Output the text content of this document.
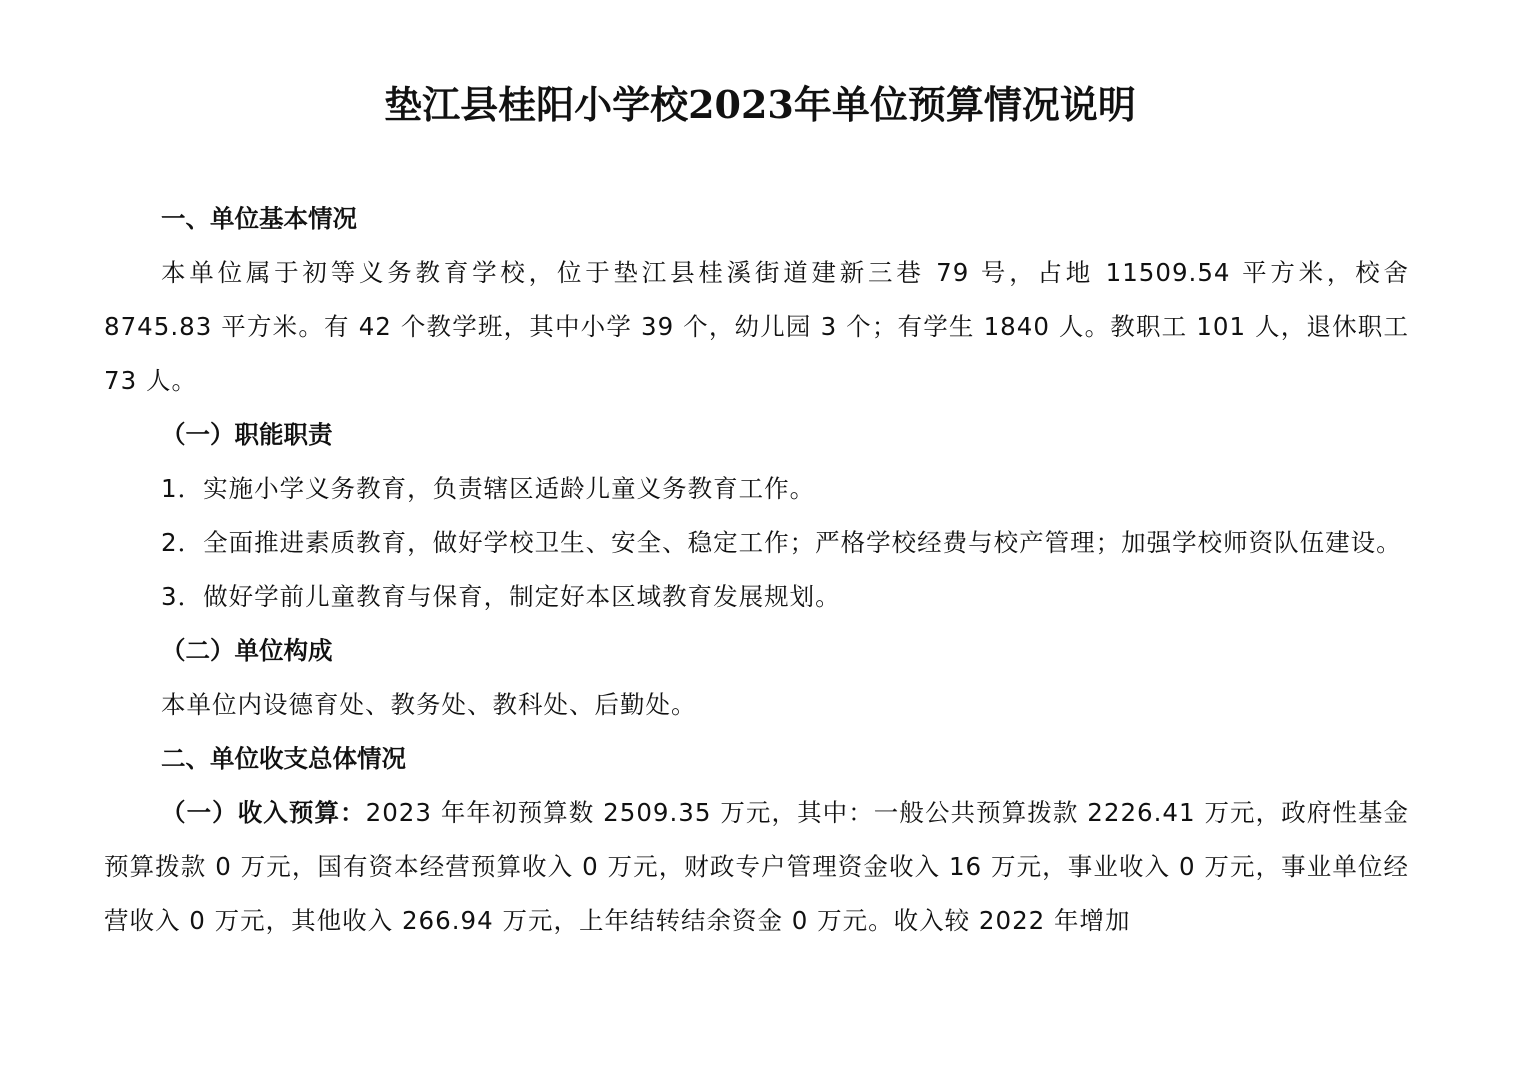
垫江县桂阳小学校2023年单位预算情况说明
一、单位基本情况

本单位属于初等义务教育学校，位于垫江县桂溪街道建新三巷 79 号，占地 11509.54 平方米，校舍 8745.83 平方米。有 42 个教学班，其中小学 39 个，幼儿园 3 个；有学生 1840 人。教职工 101 人，退休职工 73 人。

（一）职能职责

1．实施小学义务教育，负责辖区适龄儿童义务教育工作。

2．全面推进素质教育，做好学校卫生、安全、稳定工作；严格学校经费与校产管理；加强学校师资队伍建设。

3．做好学前儿童教育与保育，制定好本区域教育发展规划。

（二）单位构成

本单位内设德育处、教务处、教科处、后勤处。

二、单位收支总体情况

（一）收入预算：2023 年年初预算数 2509.35 万元，其中：一般公共预算拨款 2226.41 万元，政府性基金预算拨款 0 万元，国有资本经营预算收入 0 万元，财政专户管理资金收入 16 万元，事业收入 0 万元，事业单位经营收入 0 万元，其他收入 266.94 万元，上年结转结余资金 0 万元。收入较 2022 年增加
